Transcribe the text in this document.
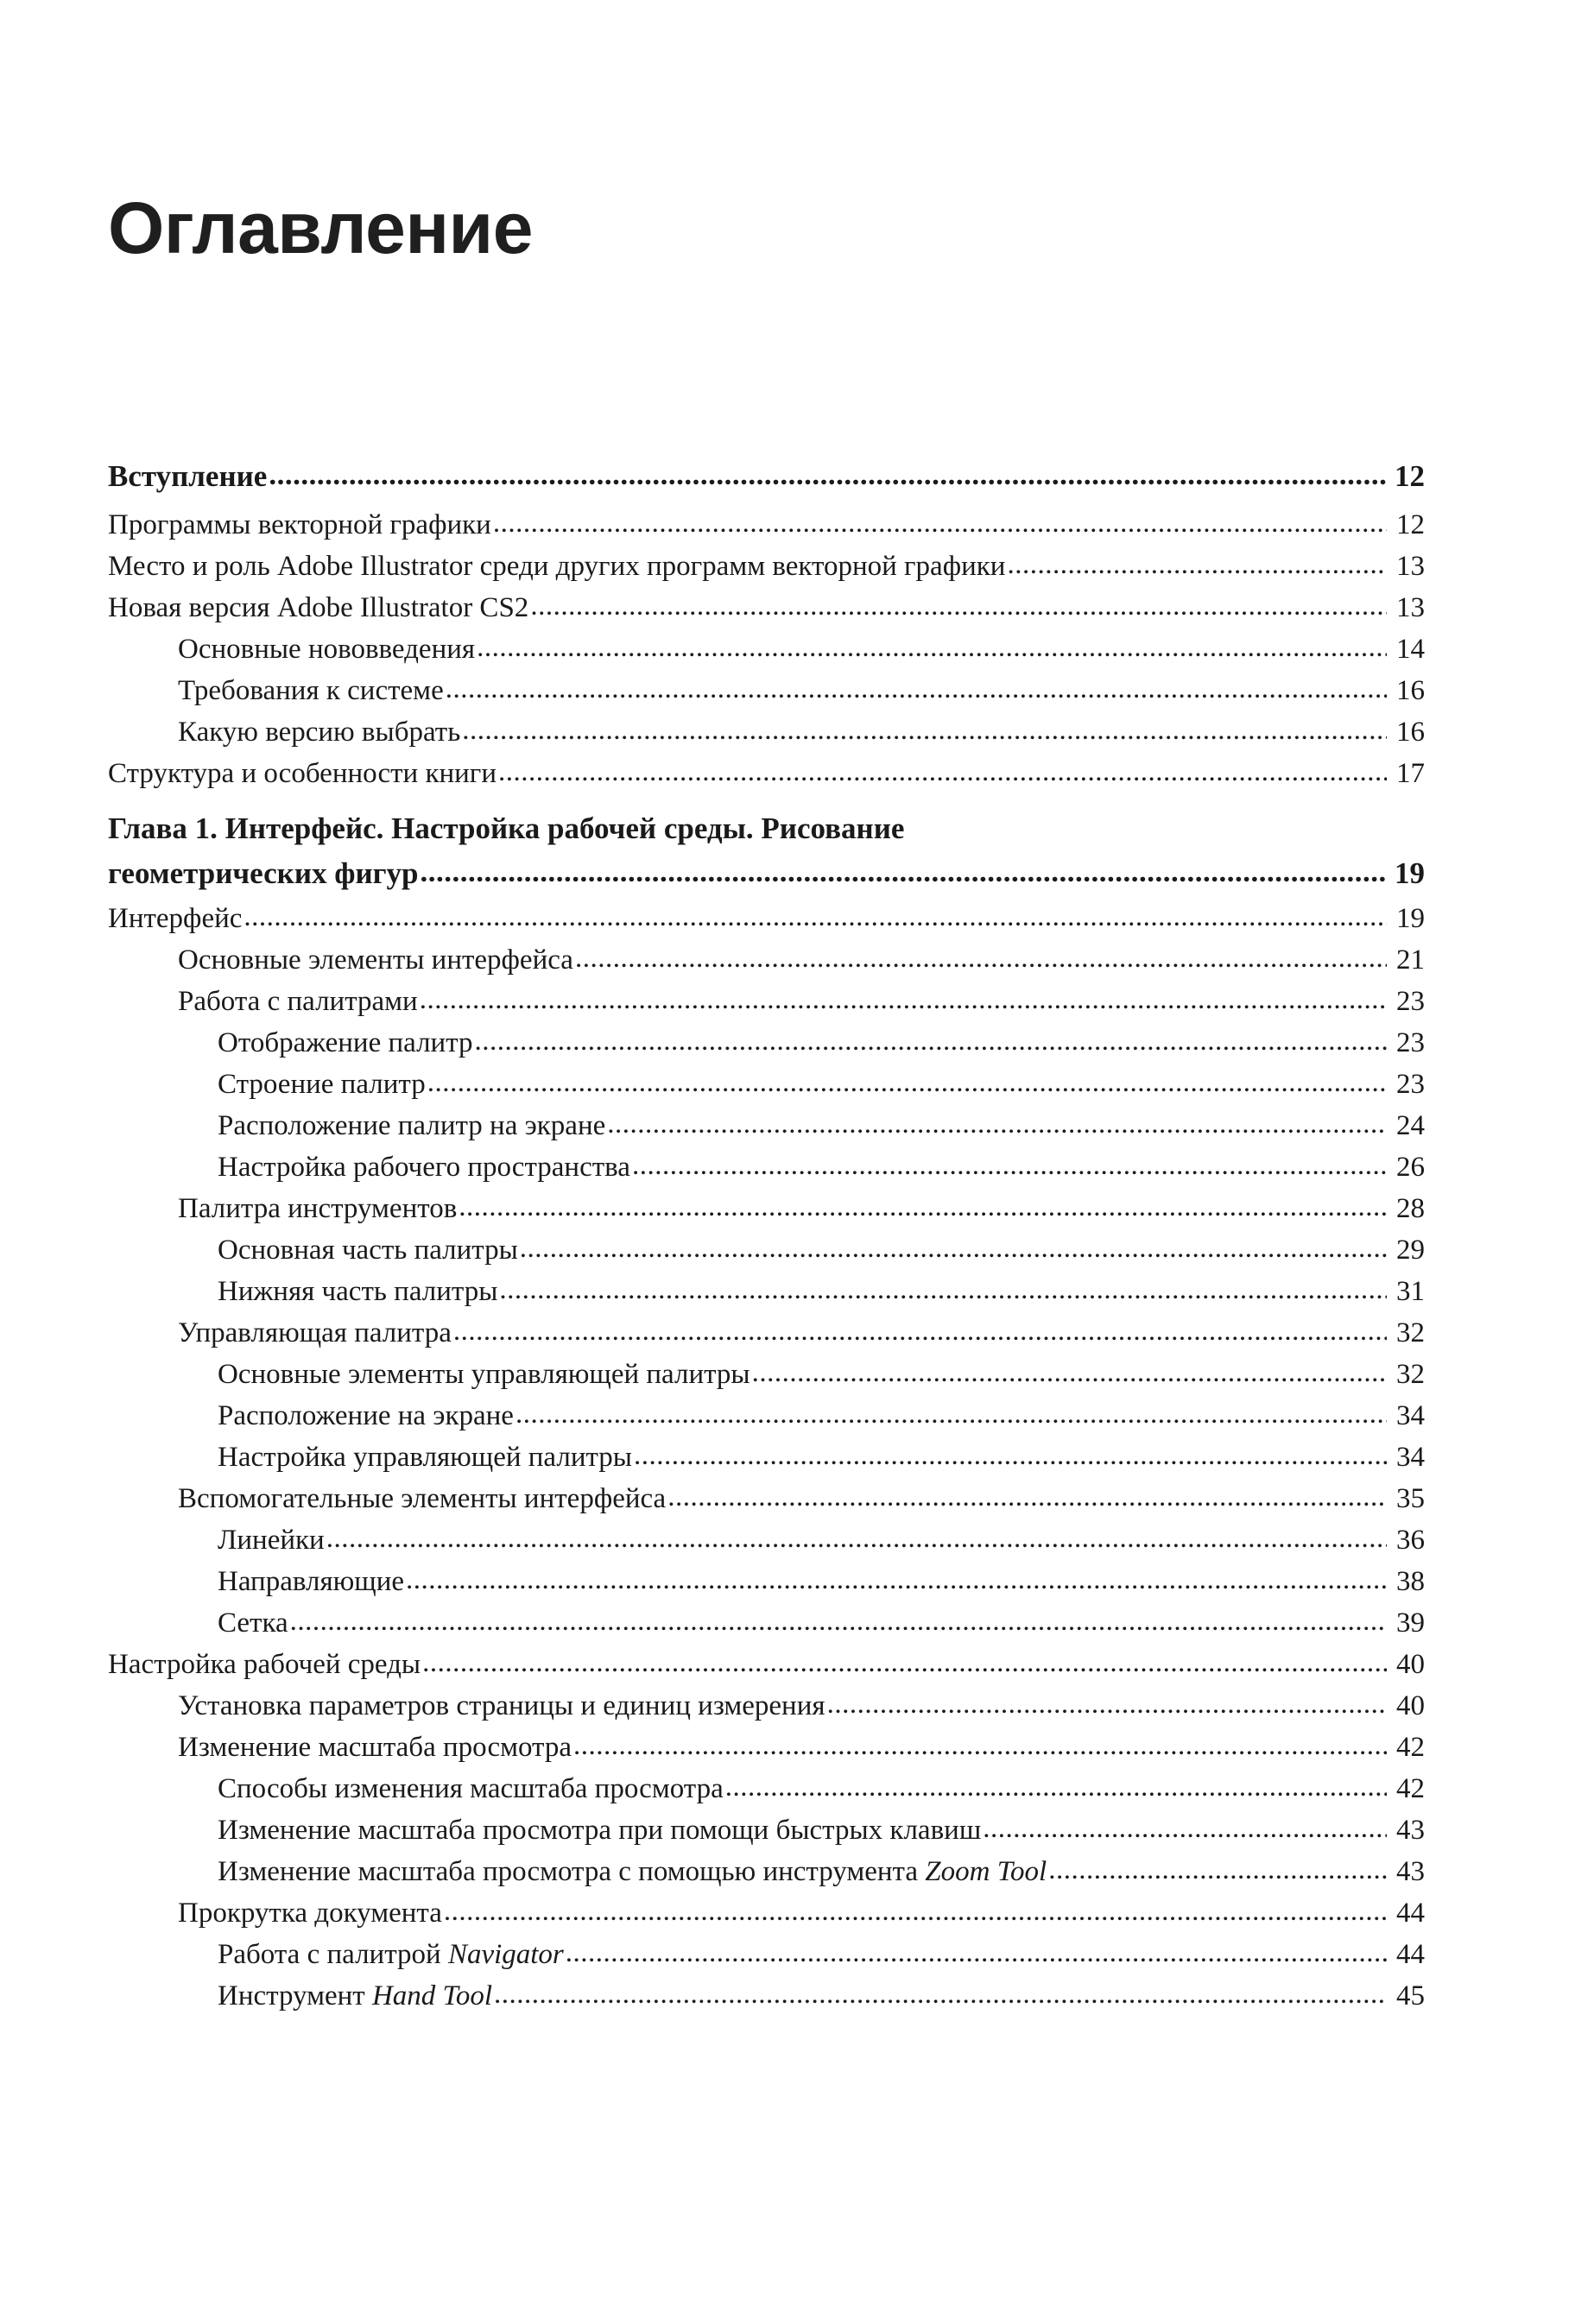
Оглавление
Вступление .....	12
Программы векторной графики .....	12
Место и роль Adobe Illustrator среди других программ векторной графики .....	13
Новая версия Adobe Illustrator CS2 .....	13
Основные нововведения .....	14
Требования к системе .....	16
Какую версию выбрать .....	16
Структура и особенности книги .....	17
Глава 1. Интерфейс. Настройка рабочей среды. Рисование
геометрических фигур .....	19
Интерфейс .....	19
Основные элементы интерфейса .....	21
Работа с палитрами .....	23
Отображение палитр .....	23
Строение палитр .....	23
Расположение палитр на экране .....	24
Настройка рабочего пространства .....	26
Палитра инструментов .....	28
Основная часть палитры .....	29
Нижняя часть палитры .....	31
Управляющая палитра .....	32
Основные элементы управляющей палитры .....	32
Расположение на экране .....	34
Настройка управляющей палитры .....	34
Вспомогательные элементы интерфейса .....	35
Линейки .....	36
Направляющие .....	38
Сетка .....	39
Настройка рабочей среды .....	40
Установка параметров страницы и единиц измерения .....	40
Изменение масштаба просмотра .....	42
Способы изменения масштаба просмотра .....	42
Изменение масштаба просмотра при помощи быстрых клавиш .....	43
Изменение масштаба просмотра с помощью инструмента Zoom Tool .....	43
Прокрутка документа .....	44
Работа с палитрой Navigator .....	44
Инструмент Hand Tool .....	45
